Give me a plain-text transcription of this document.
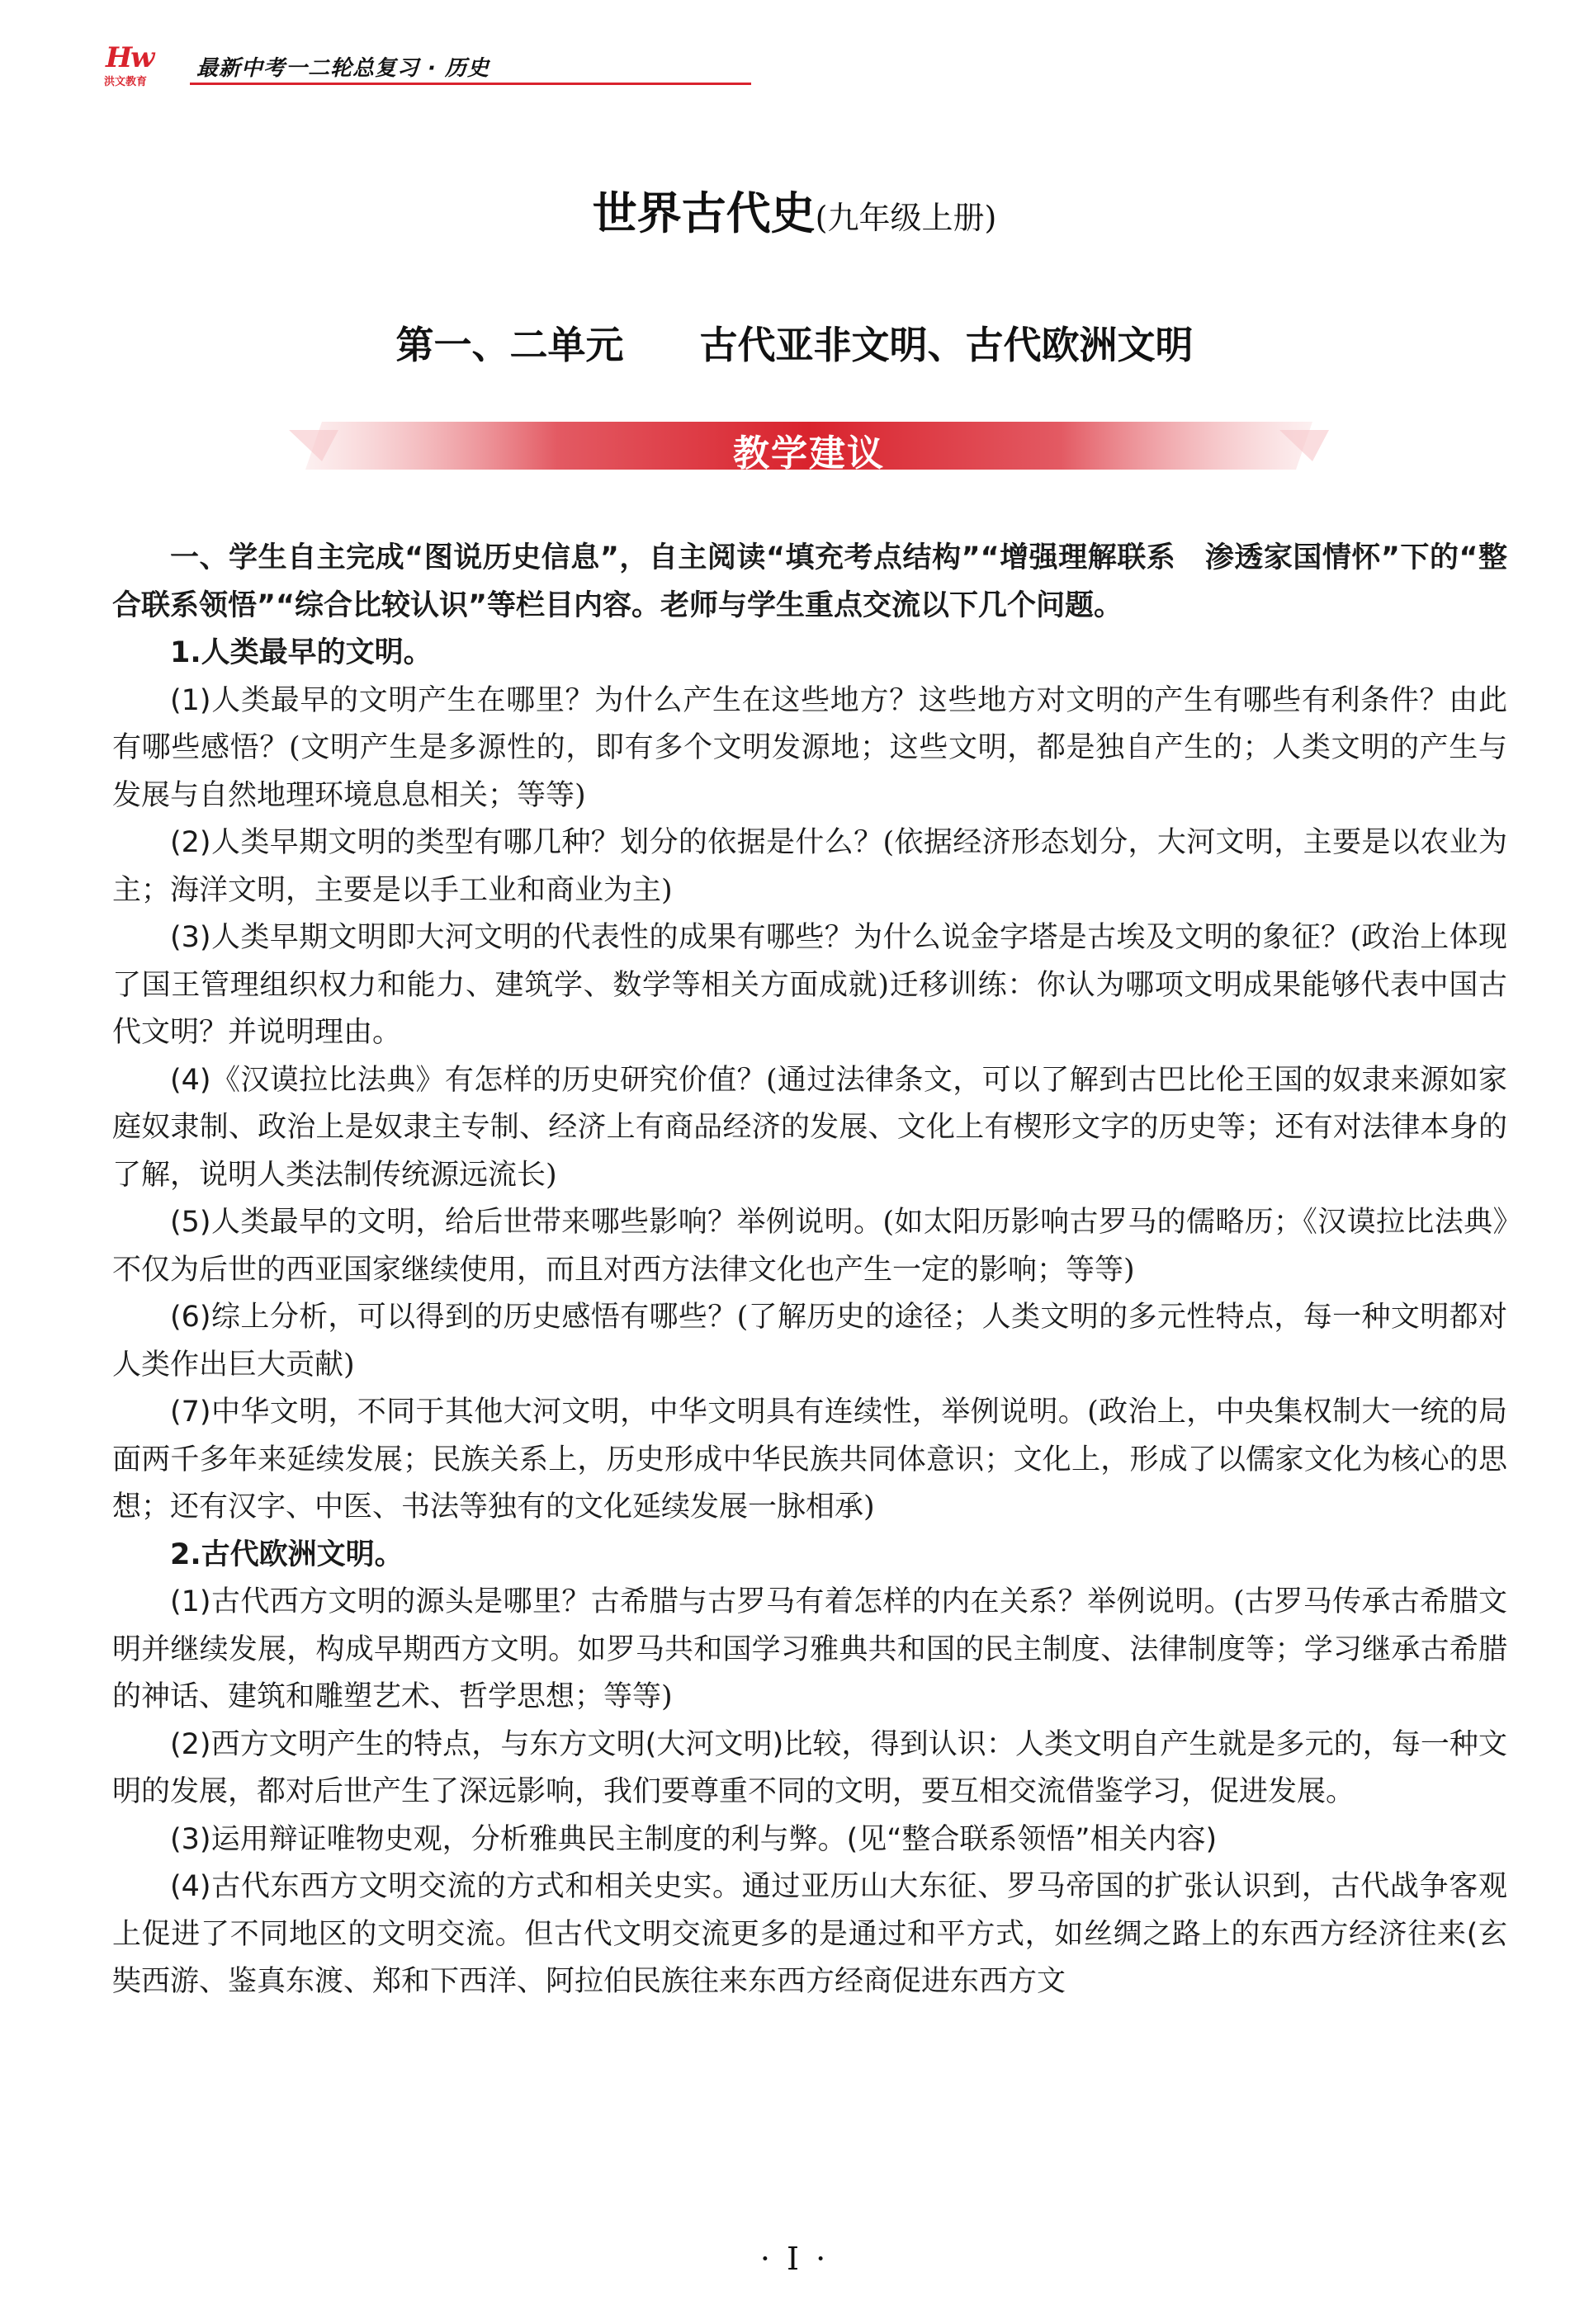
Hw
洪文教育
最新中考一二轮总复习 · 历史
世界古代史(九年级上册)
第一、二单元　　古代亚非文明、古代欧洲文明
教学建议

一、学生自主完成“图说历史信息”，自主阅读“填充考点结构”“增强理解联系　渗透家国情怀”下的“整合联系领悟”“综合比较认识”等栏目内容。老师与学生重点交流以下几个问题。

1.人类最早的文明。

(1)人类最早的文明产生在哪里？为什么产生在这些地方？这些地方对文明的产生有哪些有利条件？由此有哪些感悟？(文明产生是多源性的，即有多个文明发源地；这些文明，都是独自产生的；人类文明的产生与发展与自然地理环境息息相关；等等)

(2)人类早期文明的类型有哪几种？划分的依据是什么？(依据经济形态划分，大河文明，主要是以农业为主；海洋文明，主要是以手工业和商业为主)

(3)人类早期文明即大河文明的代表性的成果有哪些？为什么说金字塔是古埃及文明的象征？(政治上体现了国王管理组织权力和能力、建筑学、数学等相关方面成就)迁移训练：你认为哪项文明成果能够代表中国古代文明？并说明理由。

(4)《汉谟拉比法典》有怎样的历史研究价值？(通过法律条文，可以了解到古巴比伦王国的奴隶来源如家庭奴隶制、政治上是奴隶主专制、经济上有商品经济的发展、文化上有楔形文字的历史等；还有对法律本身的了解，说明人类法制传统源远流长)

(5)人类最早的文明，给后世带来哪些影响？举例说明。(如太阳历影响古罗马的儒略历；《汉谟拉比法典》不仅为后世的西亚国家继续使用，而且对西方法律文化也产生一定的影响；等等)

(6)综上分析，可以得到的历史感悟有哪些？(了解历史的途径；人类文明的多元性特点，每一种文明都对人类作出巨大贡献)

(7)中华文明，不同于其他大河文明，中华文明具有连续性，举例说明。(政治上，中央集权制大一统的局面两千多年来延续发展；民族关系上，历史形成中华民族共同体意识；文化上，形成了以儒家文化为核心的思想；还有汉字、中医、书法等独有的文化延续发展一脉相承)

2.古代欧洲文明。

(1)古代西方文明的源头是哪里？古希腊与古罗马有着怎样的内在关系？举例说明。(古罗马传承古希腊文明并继续发展，构成早期西方文明。如罗马共和国学习雅典共和国的民主制度、法律制度等；学习继承古希腊的神话、建筑和雕塑艺术、哲学思想；等等)

(2)西方文明产生的特点，与东方文明(大河文明)比较，得到认识：人类文明自产生就是多元的，每一种文明的发展，都对后世产生了深远影响，我们要尊重不同的文明，要互相交流借鉴学习，促进发展。

(3)运用辩证唯物史观，分析雅典民主制度的利与弊。(见“整合联系领悟”相关内容)

(4)古代东西方文明交流的方式和相关史实。通过亚历山大东征、罗马帝国的扩张认识到，古代战争客观上促进了不同地区的文明交流。但古代文明交流更多的是通过和平方式，如丝绸之路上的东西方经济往来(玄奘西游、鉴真东渡、郑和下西洋、阿拉伯民族往来东西方经商促进东西方文

· I ·
